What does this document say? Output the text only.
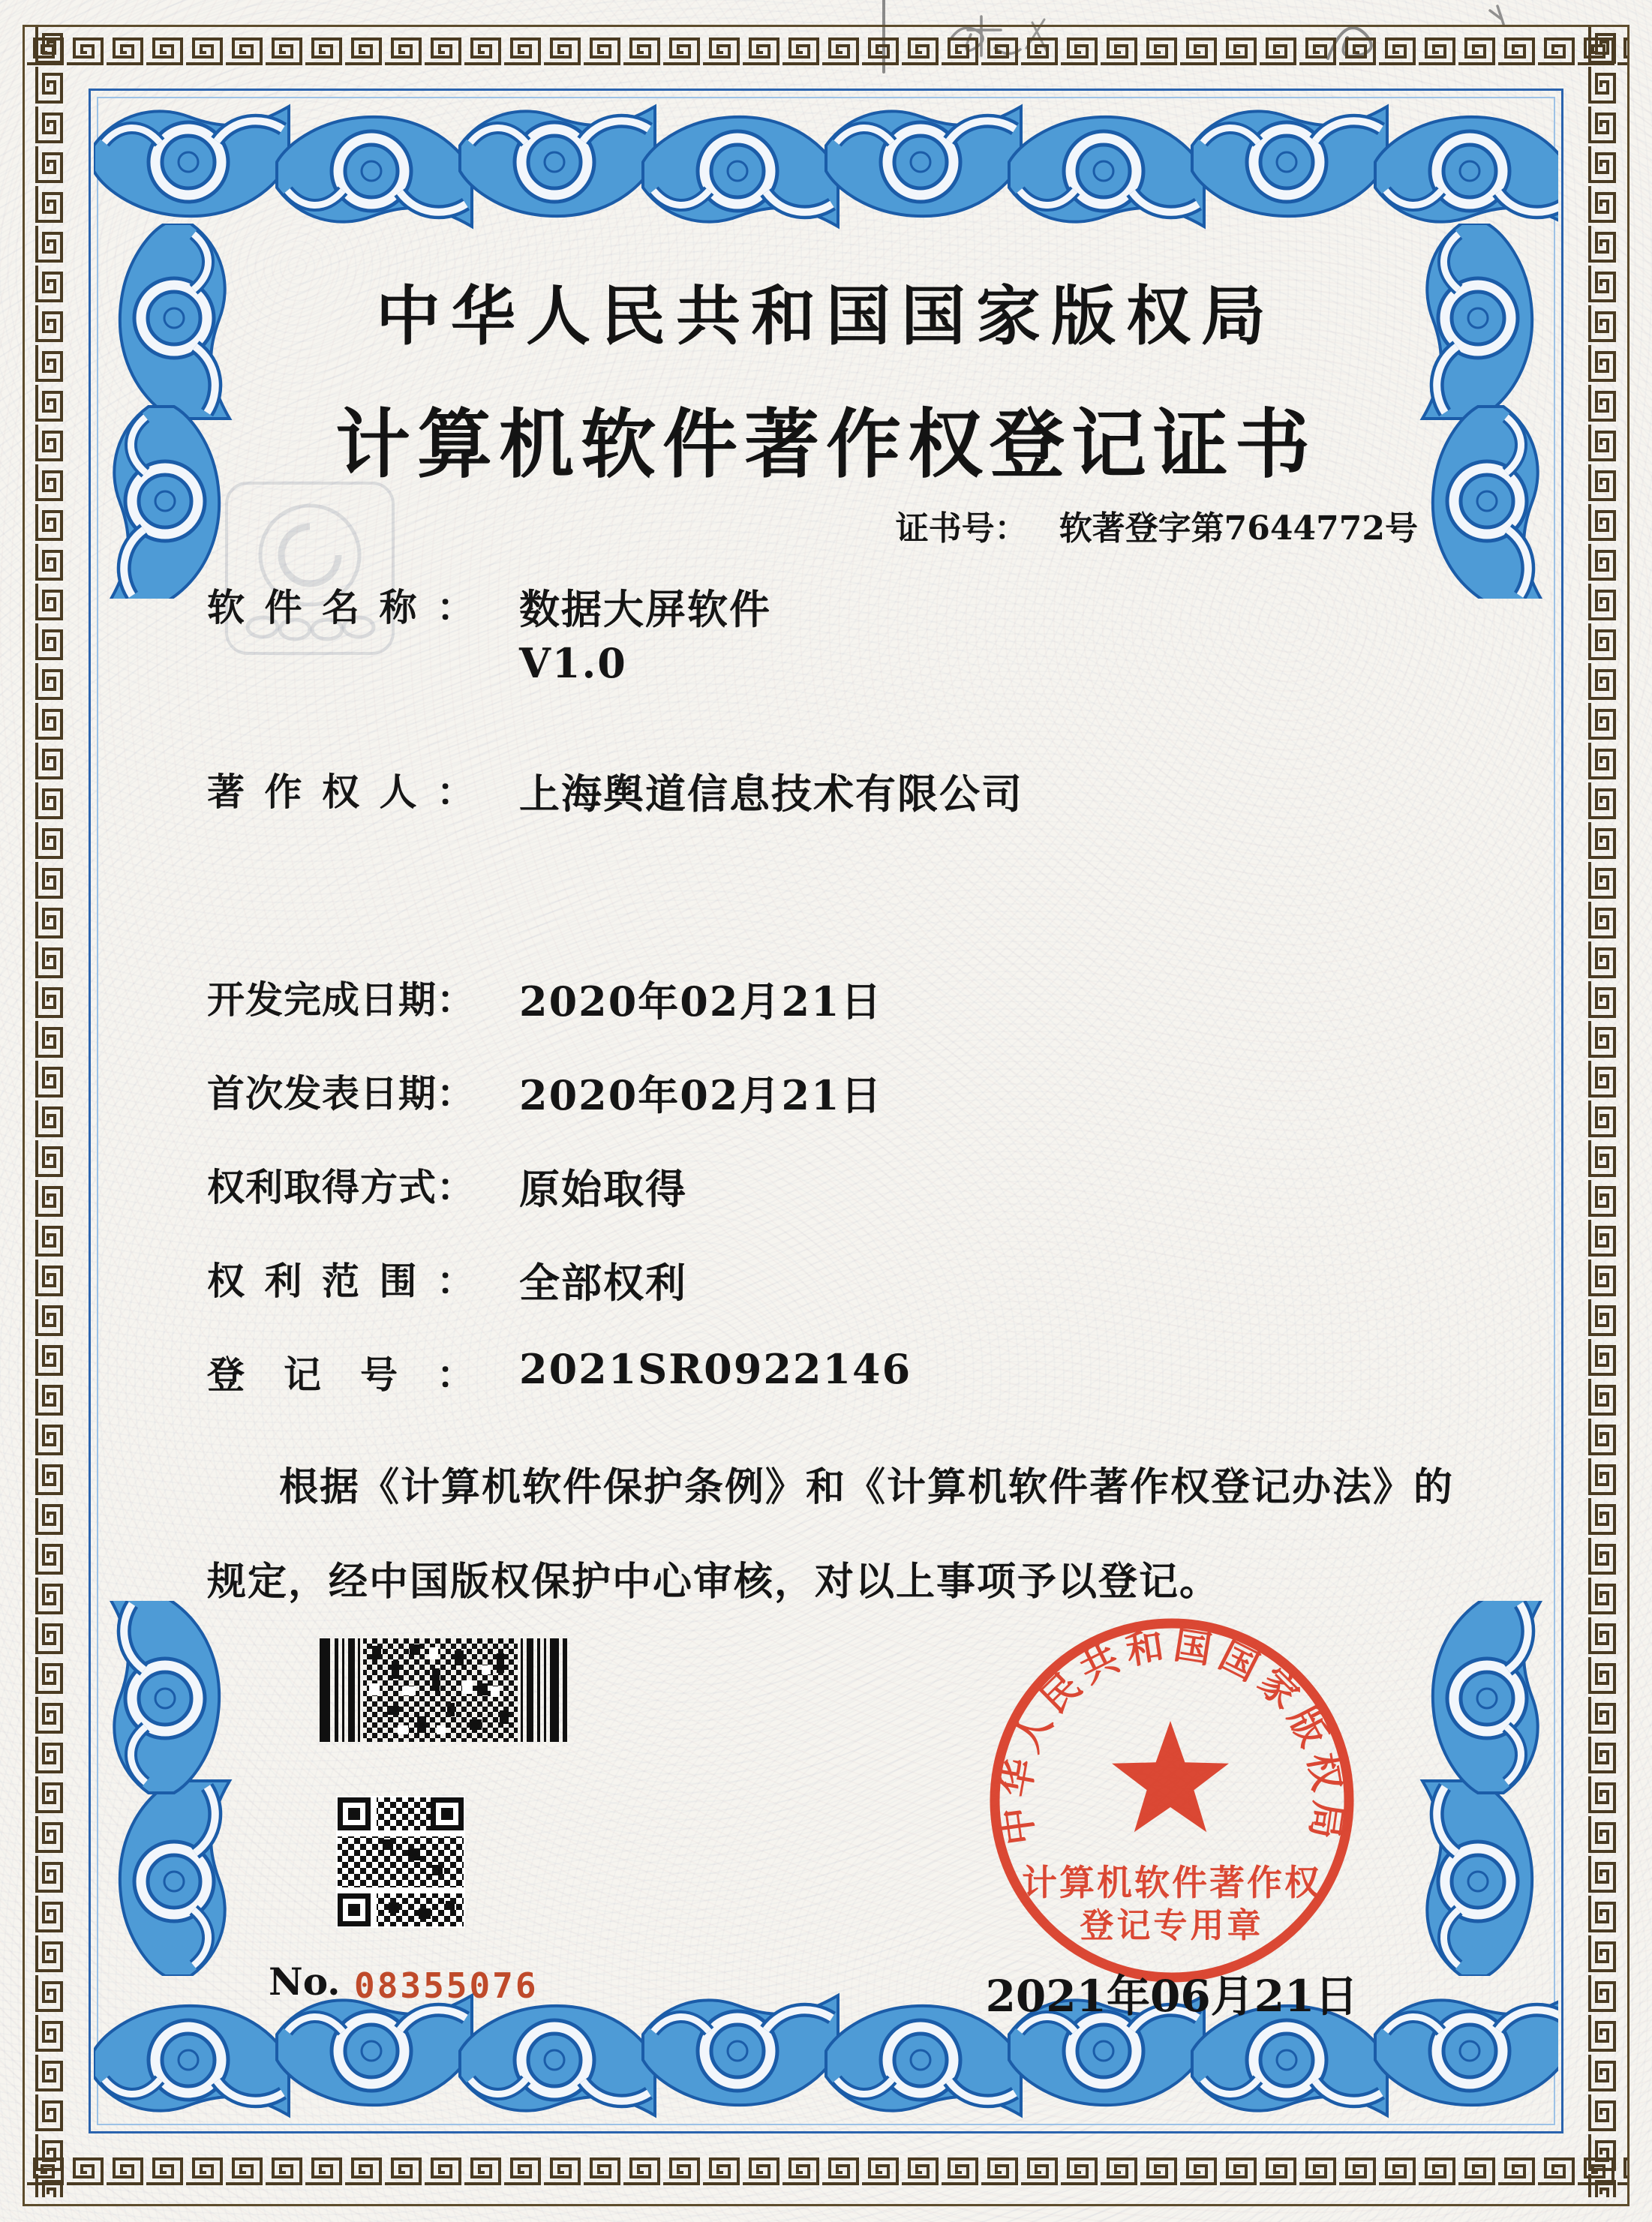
中华人民共和国国家版权局
计算机软件著作权登记证书
证书号： 软著登字第7644772号
软件名称： 数据大屏软件
V1.0
著作权人： 上海舆道信息技术有限公司
开发完成日期： 2020年02月21日
首次发表日期： 2020年02月21日
权利取得方式： 原始取得
权利范围： 全部权利
登记号： 2021SR0922146
根据《计算机软件保护条例》和《计算机软件著作权登记办法》的
规定，经中国版权保护中心审核，对以上事项予以登记。
No. 08355076
中华人民共和国国家版权局
计算机软件著作权
登记专用章
2021年06月21日
